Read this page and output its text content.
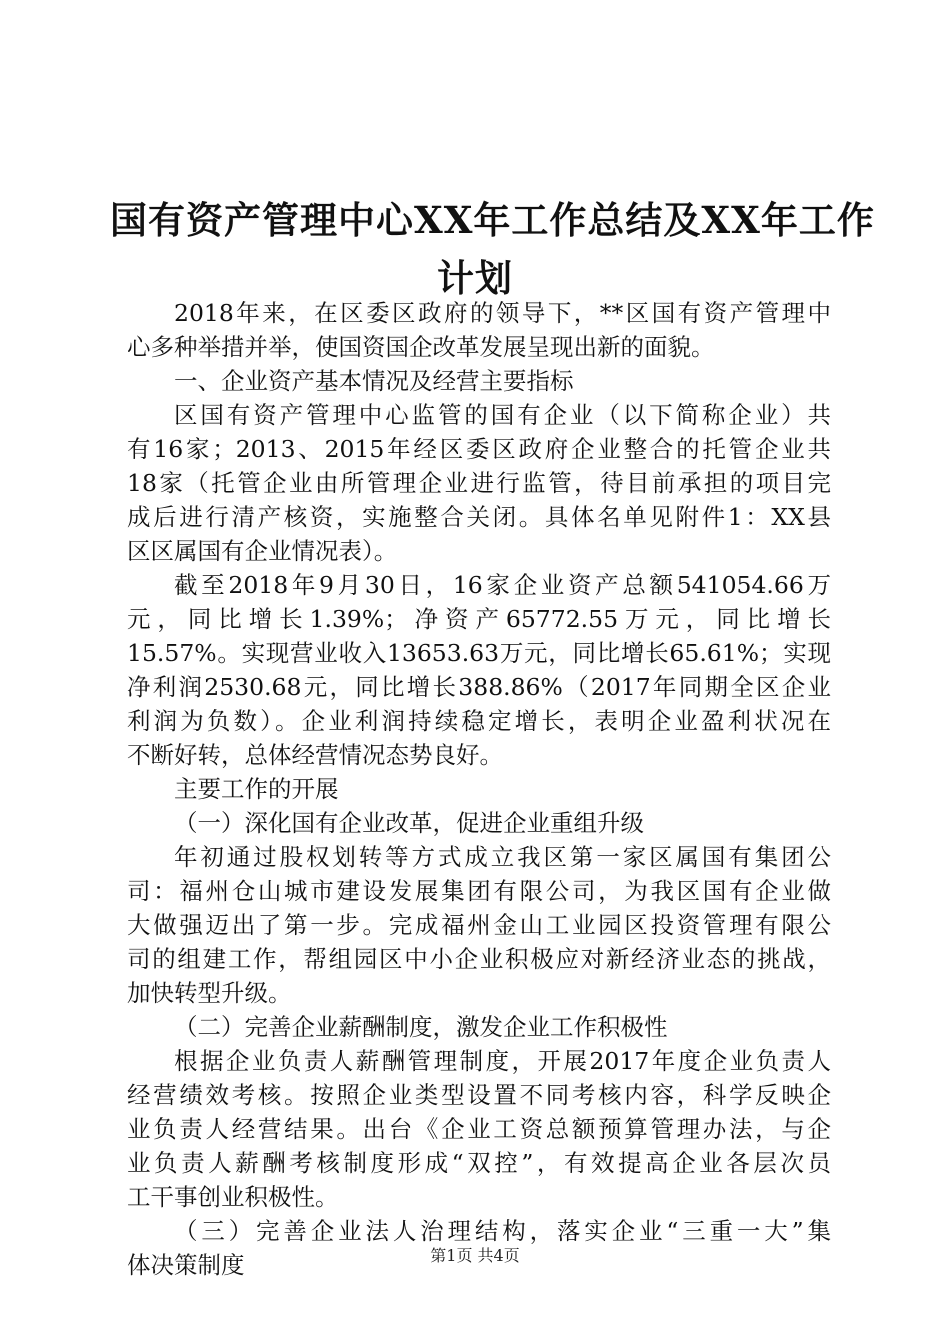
国有资产管理中心XX年工作总结及XX年工作
计划
2018年来，在区委区政府的领导下，**区国有资产管理中
心多种举措并举，使国资国企改革发展呈现出新的面貌。
一、企业资产基本情况及经营主要指标
区国有资产管理中心监管的国有企业（以下简称企业）共
有16家；2013、2015年经区委区政府企业整合的托管企业共
18家（托管企业由所管理企业进行监管，待目前承担的项目完
成后进行清产核资，实施整合关闭。具体名单见附件1：XX县
区区属国有企业情况表）。
截至2018年9月30日，16家企业资产总额541054.66万
元，同比增长1.39%；净资产65772.55万元，同比增长
15.57%。实现营业收入13653.63万元，同比增长65.61%；实现
净利润2530.68元，同比增长388.86%（2017年同期全区企业
利润为负数）。企业利润持续稳定增长，表明企业盈利状况在
不断好转，总体经营情况态势良好。
主要工作的开展
（一）深化国有企业改革，促进企业重组升级
年初通过股权划转等方式成立我区第一家区属国有集团公
司：福州仓山城市建设发展集团有限公司，为我区国有企业做
大做强迈出了第一步。完成福州金山工业园区投资管理有限公
司的组建工作，帮组园区中小企业积极应对新经济业态的挑战，
加快转型升级。
（二）完善企业薪酬制度，激发企业工作积极性
根据企业负责人薪酬管理制度，开展2017年度企业负责人
经营绩效考核。按照企业类型设置不同考核内容，科学反映企
业负责人经营结果。出台《企业工资总额预算管理办法，与企
业负责人薪酬考核制度形成“双控”，有效提高企业各层次员
工干事创业积极性。
（三）完善企业法人治理结构，落实企业“三重一大”集
体决策制度	第1页 共4页
